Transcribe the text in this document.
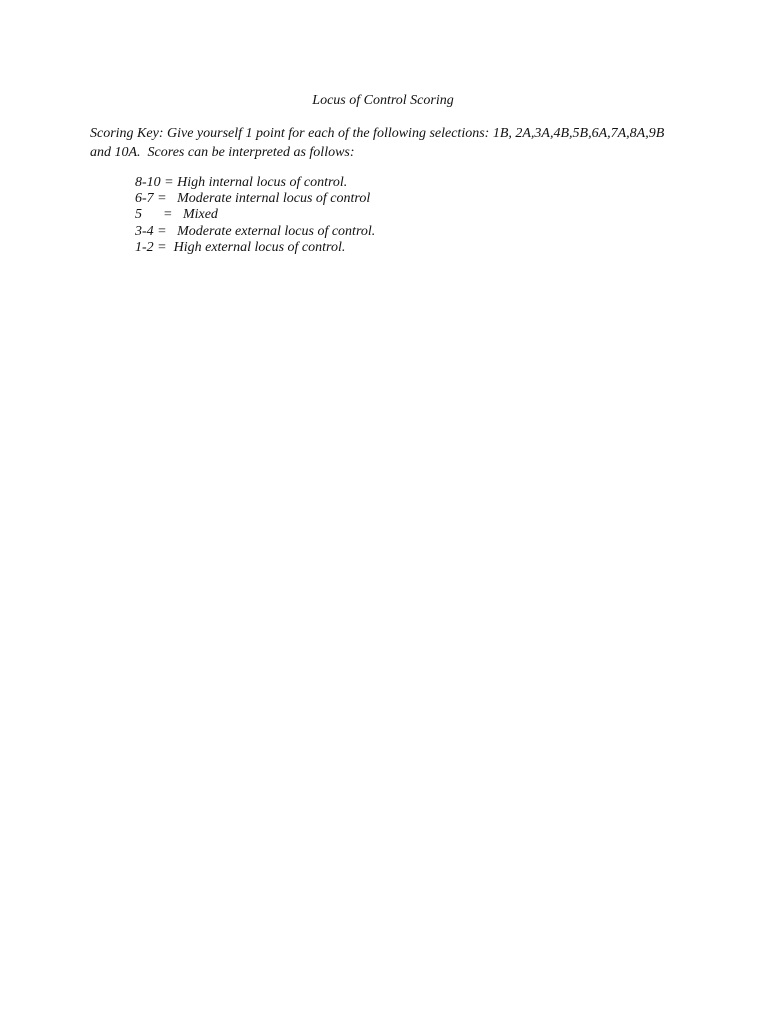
Locus of Control Scoring
Scoring Key: Give yourself 1 point for each of the following selections: 1B, 2A,3A,4B,5B,6A,7A,8A,9B
and 10A.  Scores can be interpreted as follows:
8-10 = High internal locus of control.
6-7 =   Moderate internal locus of control
5      =   Mixed
3-4 =   Moderate external locus of control.
1-2 =  High external locus of control.
